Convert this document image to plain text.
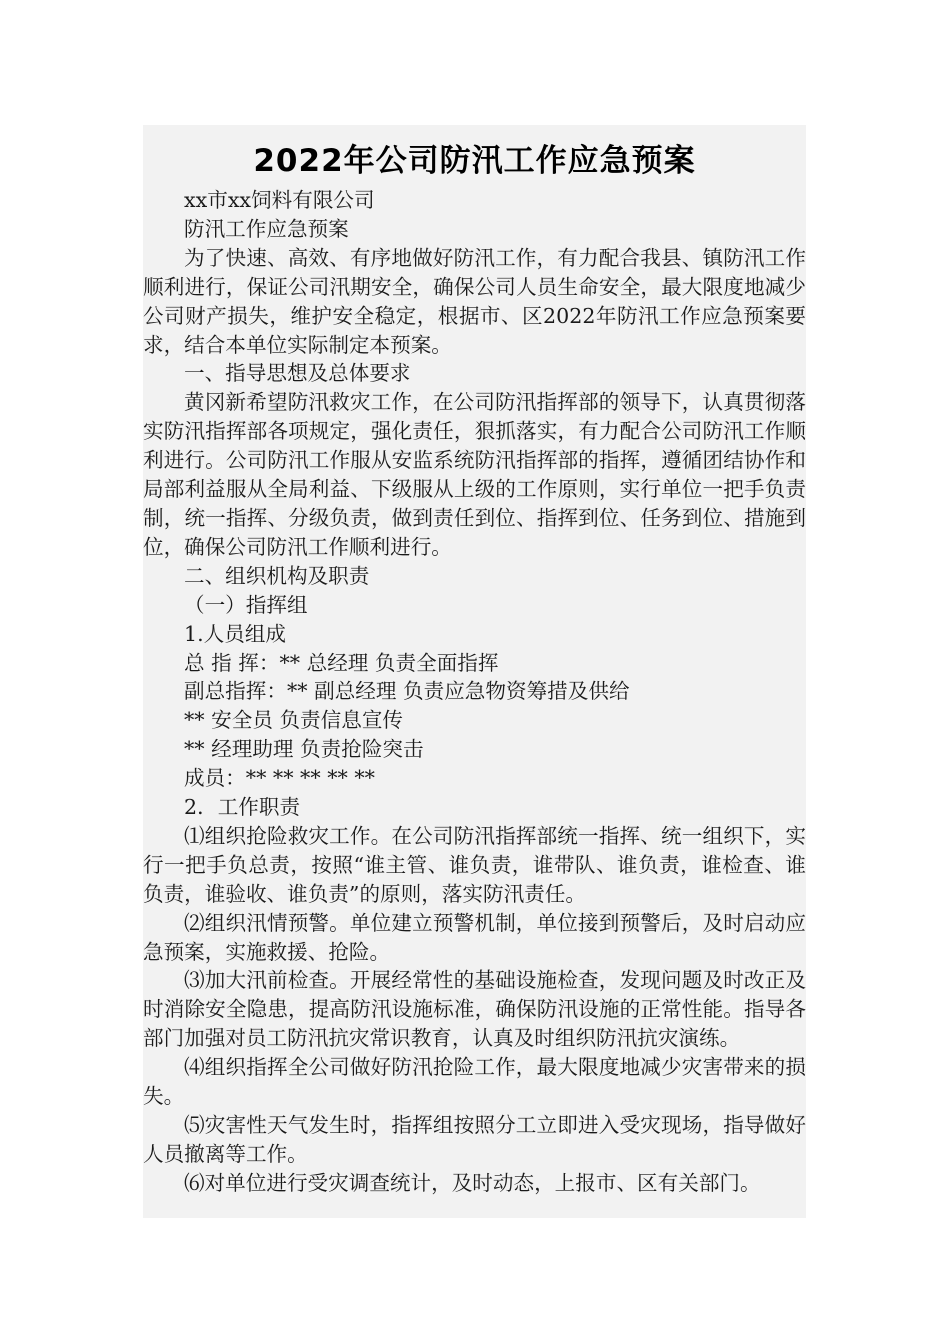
2022年公司防汛工作应急预案

xx市xx饲料有限公司

防汛工作应急预案

为了快速、高效、有序地做好防汛工作，有力配合我县、镇防汛工作顺利进行，保证公司汛期安全，确保公司人员生命安全，最大限度地减少公司财产损失，维护安全稳定，根据市、区2022年防汛工作应急预案要求，结合本单位实际制定本预案。

一、指导思想及总体要求

黄冈新希望防汛救灾工作，在公司防汛指挥部的领导下，认真贯彻落实防汛指挥部各项规定，强化责任，狠抓落实，有力配合公司防汛工作顺利进行。公司防汛工作服从安监系统防汛指挥部的指挥，遵循团结协作和局部利益服从全局利益、下级服从上级的工作原则，实行单位一把手负责制，统一指挥、分级负责，做到责任到位、指挥到位、任务到位、措施到位，确保公司防汛工作顺利进行。

二、组织机构及职责

（一）指挥组

1.人员组成

总 指 挥：** 总经理 负责全面指挥

副总指挥：** 副总经理 负责应急物资筹措及供给

** 安全员 负责信息宣传

** 经理助理 负责抢险突击

成员：** ** ** ** **

2．工作职责

⑴组织抢险救灾工作。在公司防汛指挥部统一指挥、统一组织下，实行一把手负总责，按照“谁主管、谁负责，谁带队、谁负责，谁检查、谁负责，谁验收、谁负责”的原则，落实防汛责任。

⑵组织汛情预警。单位建立预警机制，单位接到预警后，及时启动应急预案，实施救援、抢险。

⑶加大汛前检查。开展经常性的基础设施检查，发现问题及时改正及时消除安全隐患，提高防汛设施标准，确保防汛设施的正常性能。指导各部门加强对员工防汛抗灾常识教育，认真及时组织防汛抗灾演练。

⑷组织指挥全公司做好防汛抢险工作，最大限度地减少灾害带来的损失。

⑸灾害性天气发生时，指挥组按照分工立即进入受灾现场，指导做好人员撤离等工作。

⑹对单位进行受灾调查统计，及时动态，上报市、区有关部门。
